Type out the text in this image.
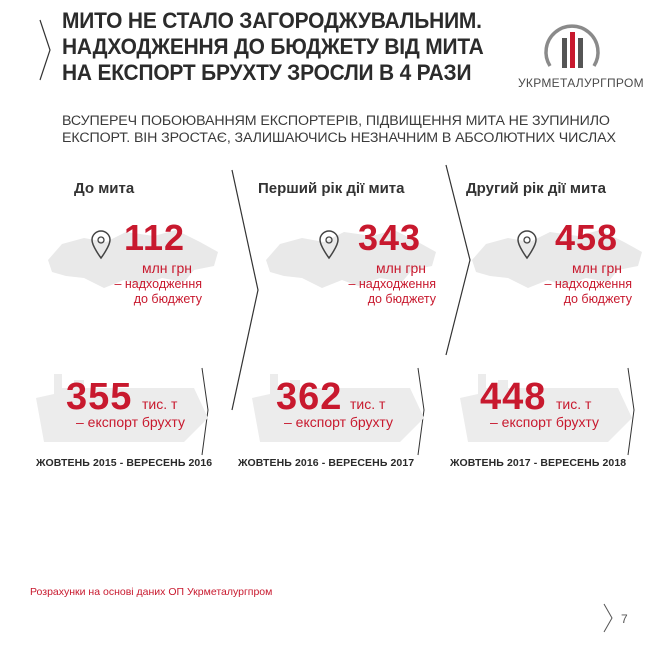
МИТО НЕ СТАЛО ЗАГОРОДЖУВАЛЬНИМ.
НАДХОДЖЕННЯ ДО БЮДЖЕТУ ВІД МИТА
НА ЕКСПОРТ БРУХТУ ЗРОСЛИ В 4 РАЗИ
ВСУПЕРЕЧ ПОБОЮВАННЯМ ЕКСПОРТЕРІВ, ПІДВИЩЕННЯ МИТА НЕ ЗУПИНИЛО
ЕКСПОРТ. ВІН ЗРОСТАЄ, ЗАЛИШАЮЧИСЬ НЕЗНАЧНИМ В АБСОЛЮТНИХ ЧИСЛАХ
УКРМЕТАЛУРГПРОМ
До мита	Перший рік дії мита	Другий рік дії мита
112	343	458
млн грн	млн грн	млн грн
– надходження
до бюджету
– надходження
до бюджету
– надходження
до бюджету
355	362	448
тис. т	тис. т	тис. т
– експорт брухту	– експорт брухту	– експорт брухту
ЖОВТЕНЬ 2015 - ВЕРЕСЕНЬ 2016 ЖОВТЕНЬ 2016 - ВЕРЕСЕНЬ 2017	ЖОВТЕНЬ 2017 - ВЕРЕСЕНЬ 2018
Розрахунки на основі даних ОП Укрметалургпром
7
